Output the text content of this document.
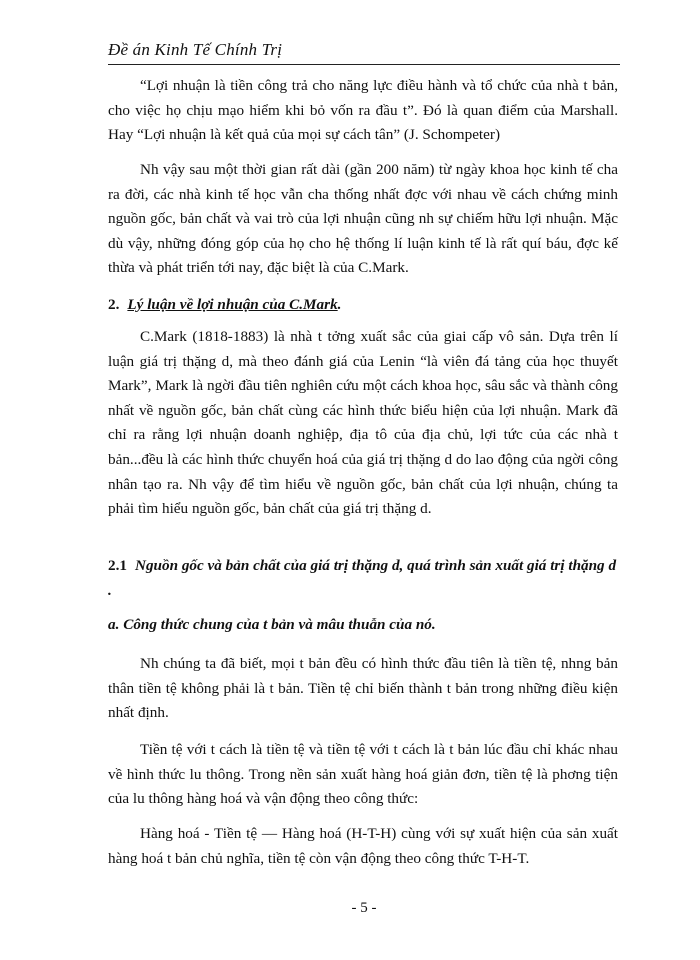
Đề án Kinh Tế Chính Trị

“Lợi nhuận là tiền công trả cho năng lực điều hành và tổ chức của nhà t bản, cho việc họ chịu mạo hiểm khi bỏ vốn ra đầu t”. Đó là quan điểm của Marshall. Hay “Lợi nhuận là kết quả của mọi sự cách tân” (J. Schompeter)

Nh vậy sau một thời gian rất dài (gần 200 năm) từ ngày khoa học kinh tế cha ra đời, các nhà kinh tế học vẫn cha thống nhất đợc với nhau về cách chứng minh nguồn gốc, bản chất và vai trò của lợi nhuận cũng nh sự chiếm hữu lợi nhuận. Mặc dù vậy, những đóng góp của họ cho hệ thống lí luận kinh tế là rất quí báu, đợc kế thừa và phát triển tới nay, đặc biệt là của C.Mark.

2. Lý luận về lợi nhuận của C.Mark.

C.Mark (1818-1883) là nhà t tởng xuất sắc của giai cấp vô sản. Dựa trên lí luận giá trị thặng d, mà theo đánh giá của Lenin “là viên đá tảng của học thuyết Mark”, Mark là ngời đầu tiên nghiên cứu một cách khoa học, sâu sắc và thành công nhất về nguồn gốc, bản chất cùng các hình thức biểu hiện của lợi nhuận. Mark đã chỉ ra rằng lợi nhuận doanh nghiệp, địa tô của địa chủ, lợi tức của các nhà t bản...đều là các hình thức chuyển hoá của giá trị thặng d do lao động của ngời công nhân tạo ra. Nh vậy để tìm hiểu về nguồn gốc, bản chất của lợi nhuận, chúng ta phải tìm hiểu nguồn gốc, bản chất của giá trị thặng d.

2.1 Nguồn gốc và bản chất của giá trị thặng d, quá trình sản xuất giá trị thặng d .
a. Công thức chung của t bản và mâu thuẫn của nó.

Nh chúng ta đã biết, mọi t bản đều có hình thức đầu tiên là tiền tệ, nhng bản thân tiền tệ không phải là t bản. Tiền tệ chỉ biến thành t bản trong những điều kiện nhất định.

Tiền tệ với t cách là tiền tệ và tiền tệ với t cách là t bản lúc đầu chỉ khác nhau về hình thức lu thông. Trong nền sản xuất hàng hoá giản đơn, tiền tệ là phơng tiện của lu thông hàng hoá và vận động theo công thức:

Hàng hoá - Tiền tệ — Hàng hoá (H-T-H) cùng với sự xuất hiện của sản xuất hàng hoá t bản chủ nghĩa, tiền tệ còn vận động theo công thức T-H-T.

- 5 -
